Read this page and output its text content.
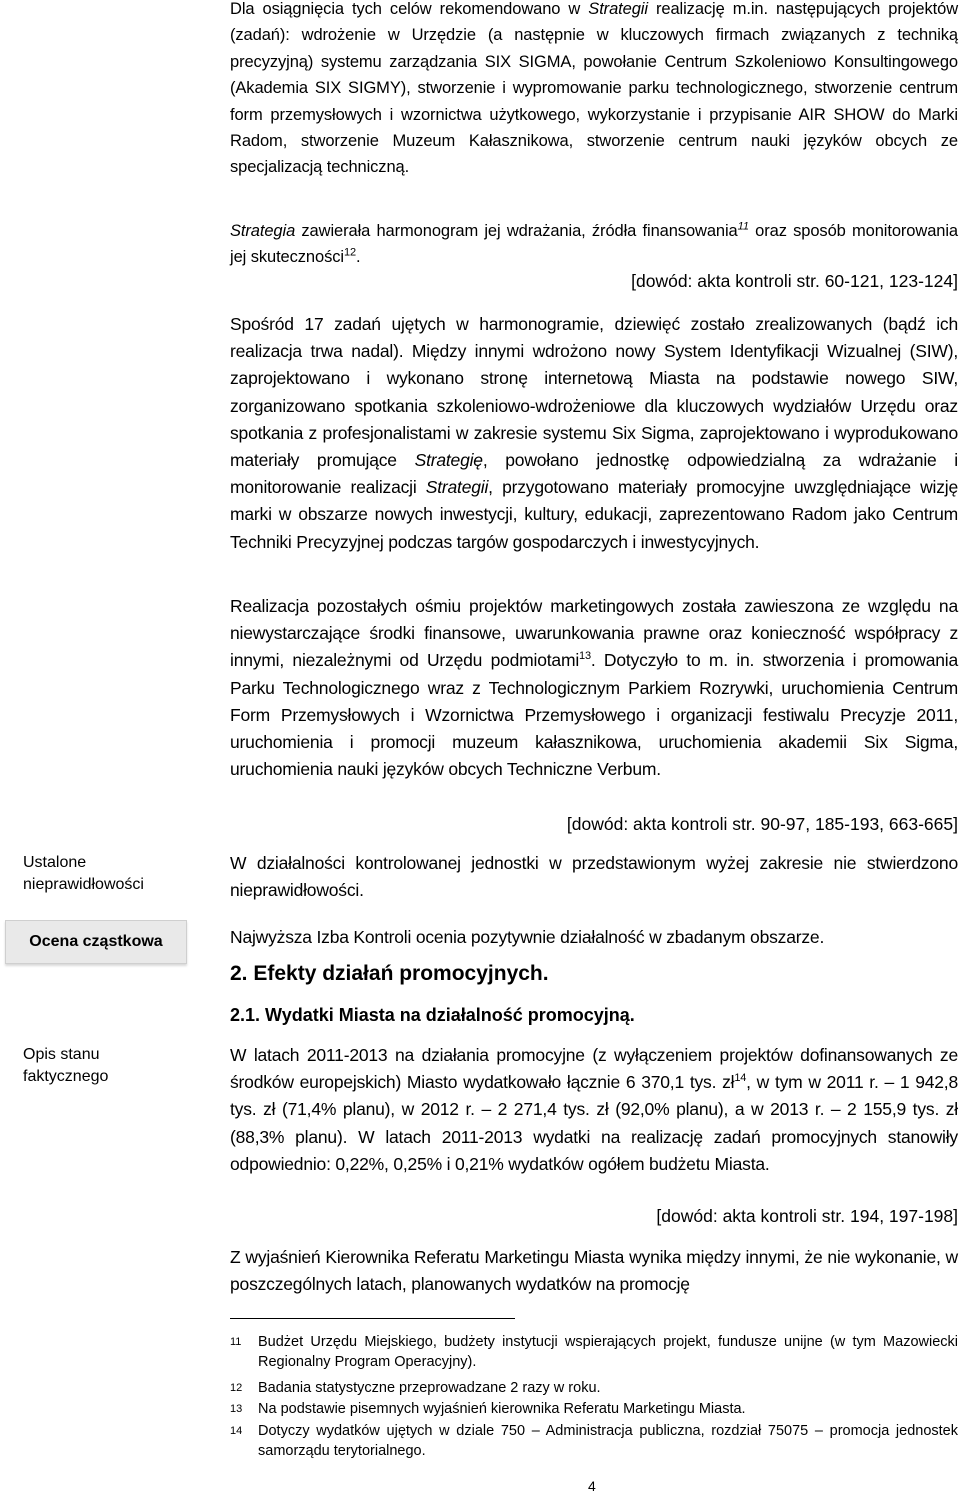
Ustalone nieprawidłowości
Ocena cząstkowa
Opis stanu faktycznego

Dla osiągnięcia tych celów rekomendowano w Strategii realizację m.in. następujących projektów (zadań): wdrożenie w Urzędzie (a następnie w kluczowych firmach związanych z techniką precyzyjną) systemu zarządzania SIX SIGMA, powołanie Centrum Szkoleniowo Konsultingowego (Akademia SIX SIGMY), stworzenie i wypromowanie parku technologicznego, stworzenie centrum form przemysłowych i wzornictwa użytkowego, wykorzystanie i przypisanie AIR SHOW do Marki Radom, stworzenie Muzeum Kałasznikowa, stworzenie centrum nauki języków obcych ze specjalizacją techniczną.

Strategia zawierała harmonogram jej wdrażania, źródła finansowania$^{11}$ oraz sposób monitorowania jej skuteczności$^{12}$.

[dowód: akta kontroli str. 60-121, 123-124]

Spośród 17 zadań ujętych w harmonogramie, dziewięć zostało zrealizowanych (bądź ich realizacja trwa nadal). Między innymi wdrożono nowy System Identyfikacji Wizualnej (SIW), zaprojektowano i wykonano stronę internetową Miasta na podstawie nowego SIW, zorganizowano spotkania szkoleniowo-wdrożeniowe dla kluczowych wydziałów Urzędu oraz spotkania z profesjonalistami w zakresie systemu Six Sigma, zaprojektowano i wyprodukowano materiały promujące Strategię, powołano jednostkę odpowiedzialną za wdrażanie i monitorowanie realizacji Strategii, przygotowano materiały promocyjne uwzględniające wizję marki w obszarze nowych inwestycji, kultury, edukacji, zaprezentowano Radom jako Centrum Techniki Precyzyjnej podczas targów gospodarczych i inwestycyjnych.

Realizacja pozostałych ośmiu projektów marketingowych została zawieszona ze względu na niewystarczające środki finansowe, uwarunkowania prawne oraz konieczność współpracy z innymi, niezależnymi od Urzędu podmiotami$^{13}$. Dotyczyło to m. in. stworzenia i promowania Parku Technologicznego wraz z Technologicznym Parkiem Rozrywki, uruchomienia Centrum Form Przemysłowych i Wzornictwa Przemysłowego i organizacji festiwalu Precyzje 2011, uruchomienia i promocji muzeum kałasznikowa, uruchomienia akademii Six Sigma, uruchomienia nauki języków obcych Techniczne Verbum.

[dowód: akta kontroli str. 90-97, 185-193, 663-665]

W działalności kontrolowanej jednostki w przedstawionym wyżej zakresie nie stwierdzono nieprawidłowości.

Najwyższa Izba Kontroli ocenia pozytywnie działalność w zbadanym obszarze.

2. Efekty działań promocyjnych.
2.1. Wydatki Miasta na działalność promocyjną.

W latach 2011-2013 na działania promocyjne (z wyłączeniem projektów dofinansowanych ze środków europejskich) Miasto wydatkowało łącznie 6 370,1 tys. $zł^{14}$, w tym w 2011 r. – 1 942,8 tys. zł (71,4% planu), w 2012 r. – 2 271,4 tys. zł (92,0% planu), a w 2013 r. – 2 155,9 tys. zł (88,3% planu). W latach 2011-2013 wydatki na realizację zadań promocyjnych stanowiły odpowiednio: 0,22%, 0,25% i 0,21% wydatków ogółem budżetu Miasta.

[dowód: akta kontroli str. 194, 197-198]

Z wyjaśnień Kierownika Referatu Marketingu Miasta wynika między innymi, że nie wykonanie, w poszczególnych latach, planowanych wydatków na promocję

11 Budżet Urzędu Miejskiego, budżety instytucji wspierających projekt, fundusze unijne (w tym Mazowiecki Regionalny Program Operacyjny).
12 Badania statystyczne przeprowadzane 2 razy w roku.
13 Na podstawie pisemnych wyjaśnień kierownika Referatu Marketingu Miasta.
14 Dotyczy wydatków ujętych w dziale 750 – Administracja publiczna, rozdział 75075 – promocja jednostek samorządu terytorialnego.
4
